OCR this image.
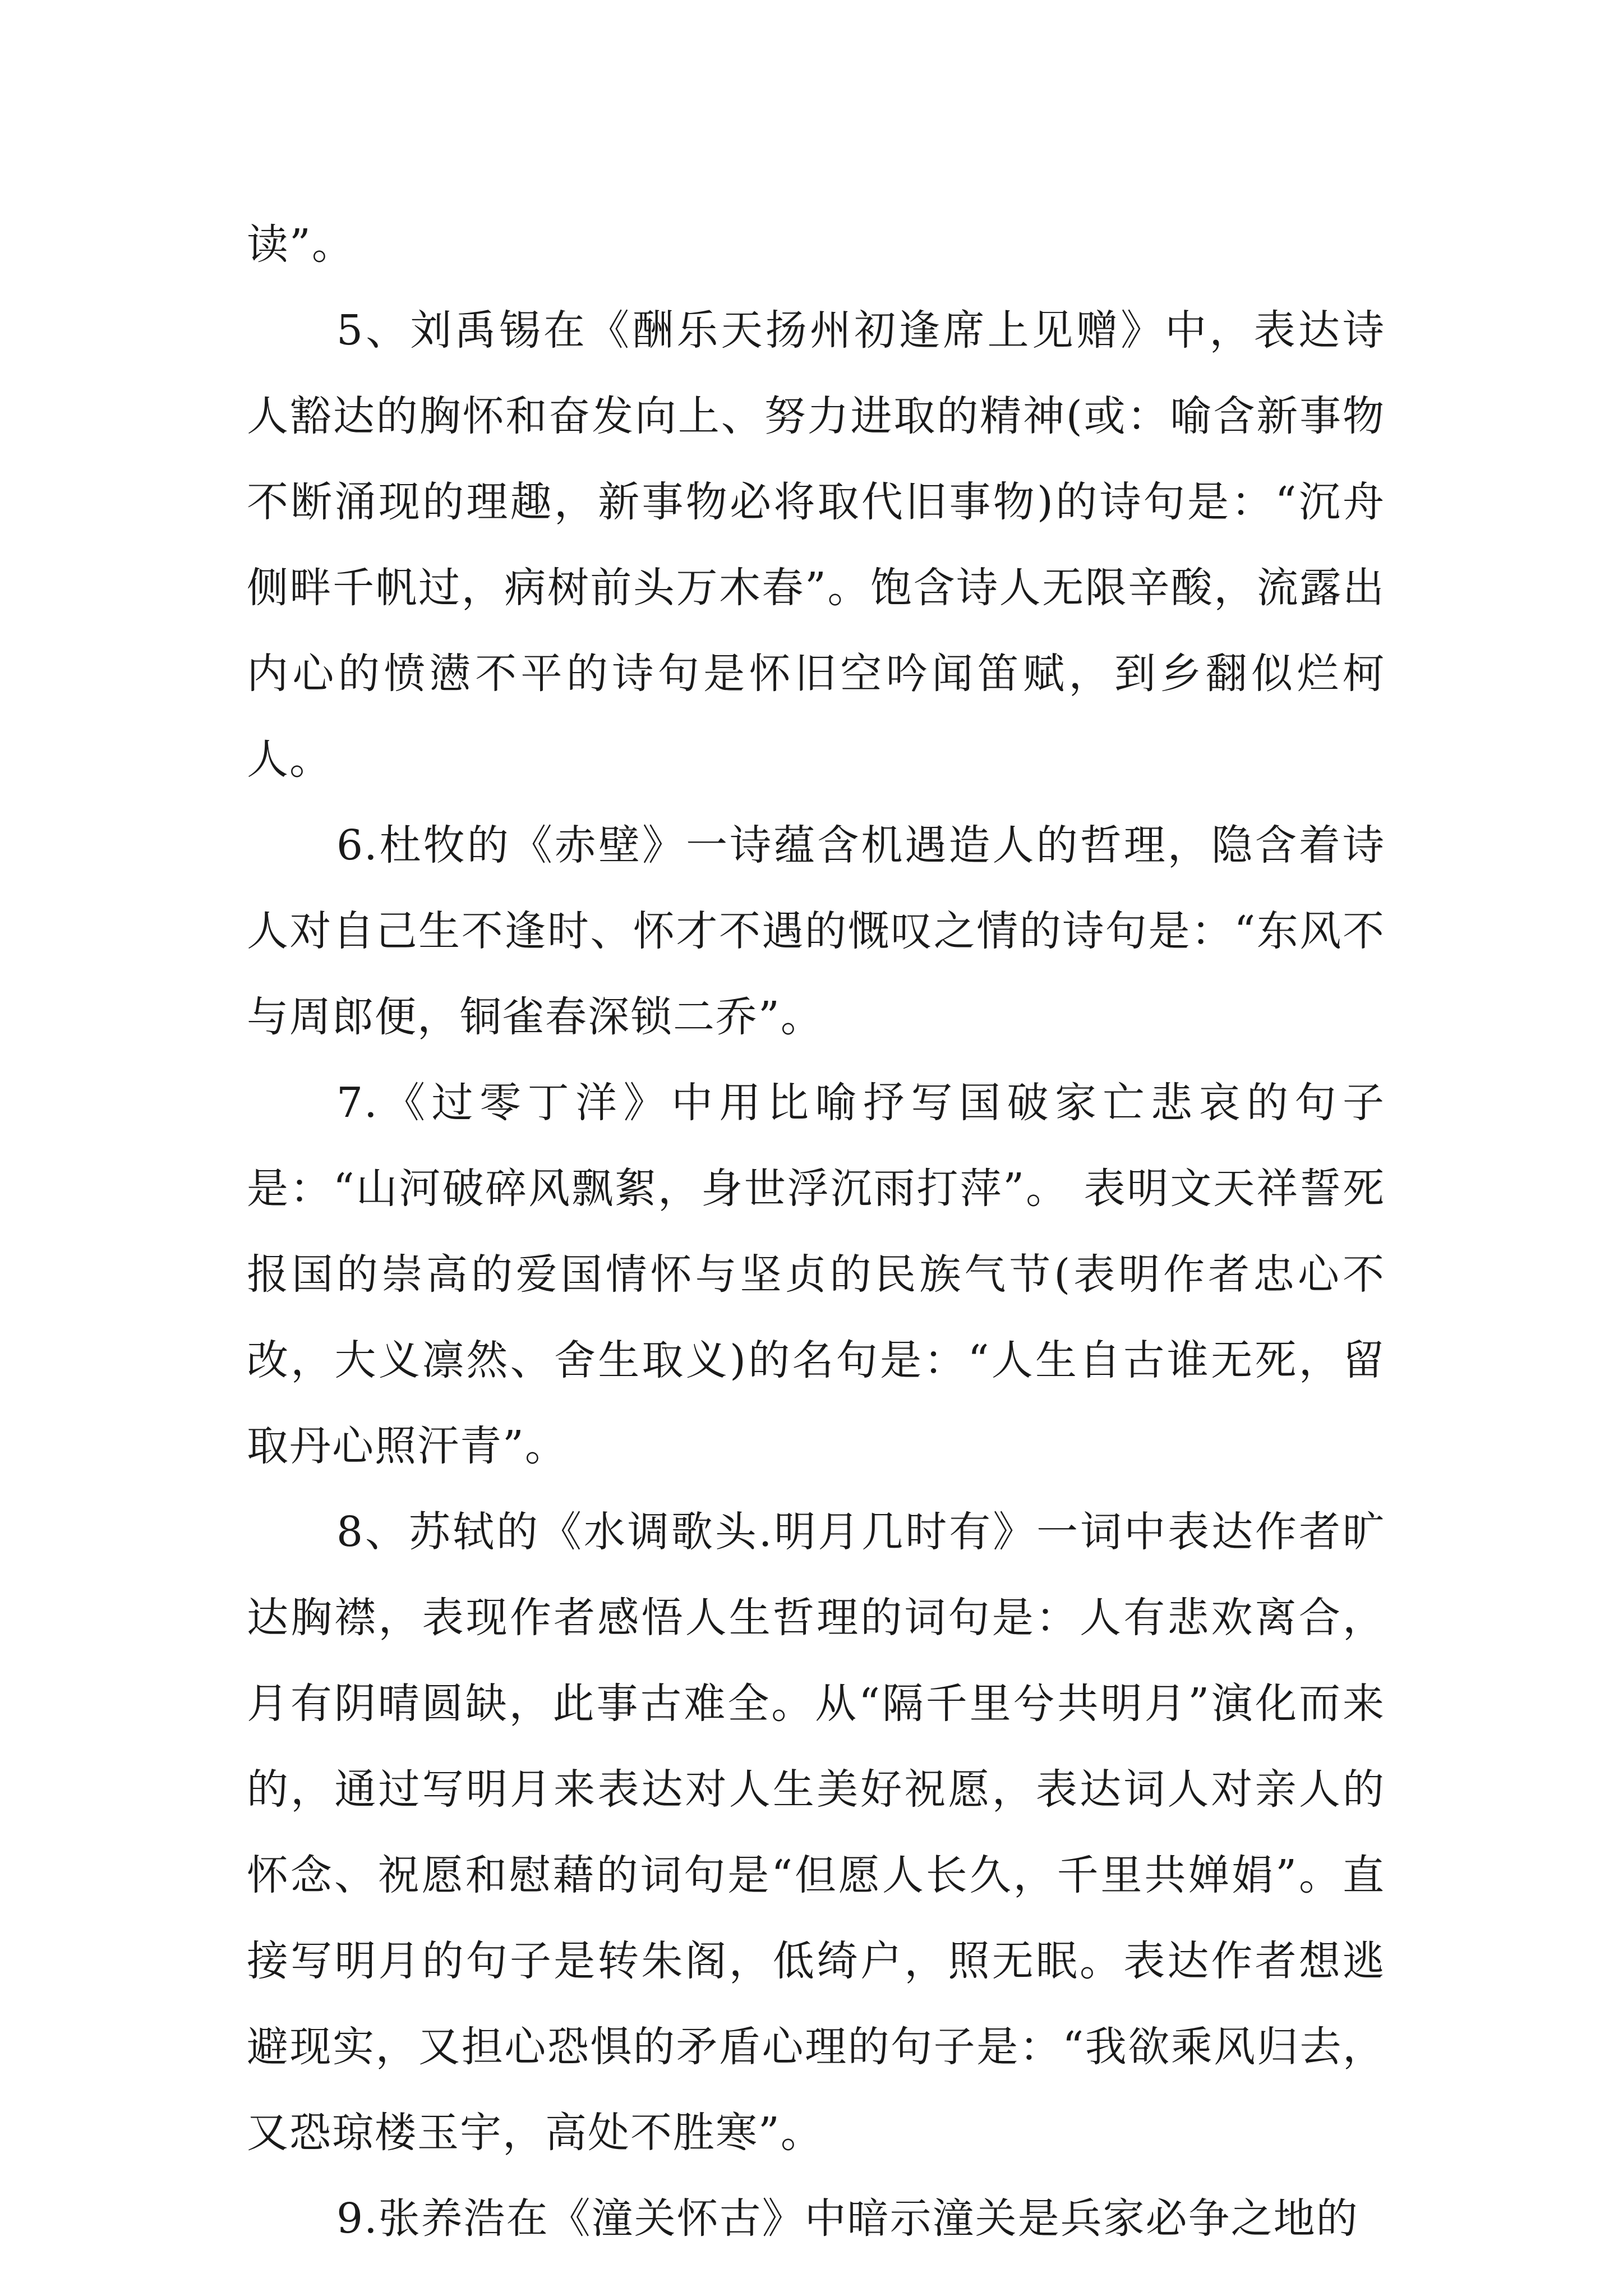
读”。

5、刘禹锡在《酬乐天扬州初逢席上见赠》中，表达诗人豁达的胸怀和奋发向上、努力进取的精神(或：喻含新事物不断涌现的理趣，新事物必将取代旧事物)的诗句是：“沉舟侧畔千帆过，病树前头万木春”。饱含诗人无限辛酸，流露出内心的愤懑不平的诗句是怀旧空吟闻笛赋，到乡翻似烂柯人。

6.杜牧的《赤壁》一诗蕴含机遇造人的哲理，隐含着诗人对自己生不逢时、怀才不遇的慨叹之情的诗句是：“东风不与周郎便，铜雀春深锁二乔”。

7.《过零丁洋》中用比喻抒写国破家亡悲哀的句子是：“山河破碎风飘絮，身世浮沉雨打萍”。 表明文天祥誓死报国的崇高的爱国情怀与坚贞的民族气节(表明作者忠心不改，大义凛然、舍生取义)的名句是：“人生自古谁无死，留取丹心照汗青”。

8、苏轼的《水调歌头.明月几时有》一词中表达作者旷达胸襟，表现作者感悟人生哲理的词句是：人有悲欢离合，月有阴晴圆缺，此事古难全。从“隔千里兮共明月”演化而来的，通过写明月来表达对人生美好祝愿，表达词人对亲人的怀念、祝愿和慰藉的词句是“但愿人长久，千里共婵娟”。直接写明月的句子是转朱阁，低绮户，照无眠。表达作者想逃避现实，又担心恐惧的矛盾心理的句子是：“我欲乘风归去，又恐琼楼玉宇，高处不胜寒”。

9.张养浩在《潼关怀古》中暗示潼关是兵家必争之地的
